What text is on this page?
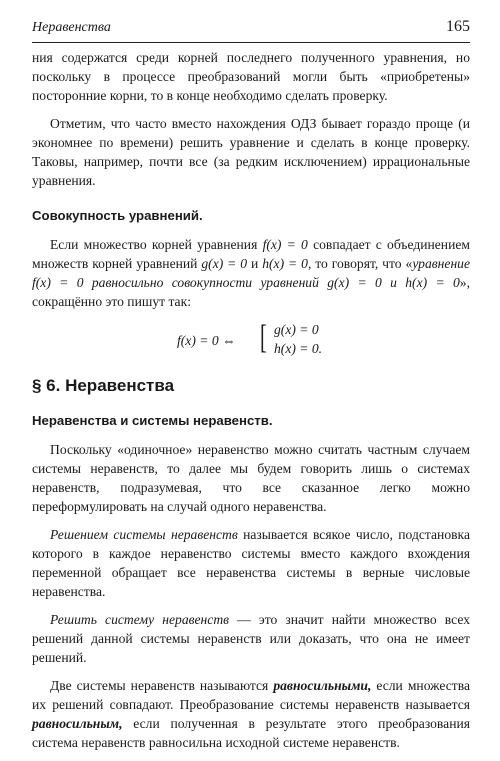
Неравенства	165

ния содержатся среди корней последнего полученного уравнения, но поскольку в процессе преобразований могли быть «приобретены» посторонние корни, то в конце необходимо сделать проверку.

Отметим, что часто вместо нахождения ОДЗ бывает гораздо проще (и экономнее по времени) решить уравнение и сделать в конце проверку. Таковы, например, почти все (за редким исключением) иррациональные уравнения.

Совокупность уравнений.

Если множество корней уравнения f(x) = 0 совпадает с объединением множеств корней уравнений g(x) = 0 и h(x) = 0, то говорят, что «уравнение f(x) = 0 равносильно совокупности уравнений g(x) = 0 и h(x) = 0», сокращённо это пишут так:

f(x) = 0 ⇔ [ g(x) = 0
h(x) = 0.
§ 6. Неравенства
Неравенства и системы неравенств.

Поскольку «одиночное» неравенство можно считать частным случаем системы неравенств, то далее мы будем говорить лишь о системах неравенств, подразумевая, что все сказанное легко можно переформулировать на случай одного неравенства.

Решением системы неравенств называется всякое число, подстановка которого в каждое неравенство системы вместо каждого вхождения переменной обращает все неравенства системы в верные числовые неравенства.

Решить систему неравенств — это значит найти множество всех решений данной системы неравенств или доказать, что она не имеет решений.

Две системы неравенств называются равносильными, если множества их решений совпадают. Преобразование системы неравенств называется равносильным, если полученная в результате этого преобразования система неравенств равносильна исходной системе неравенств.
